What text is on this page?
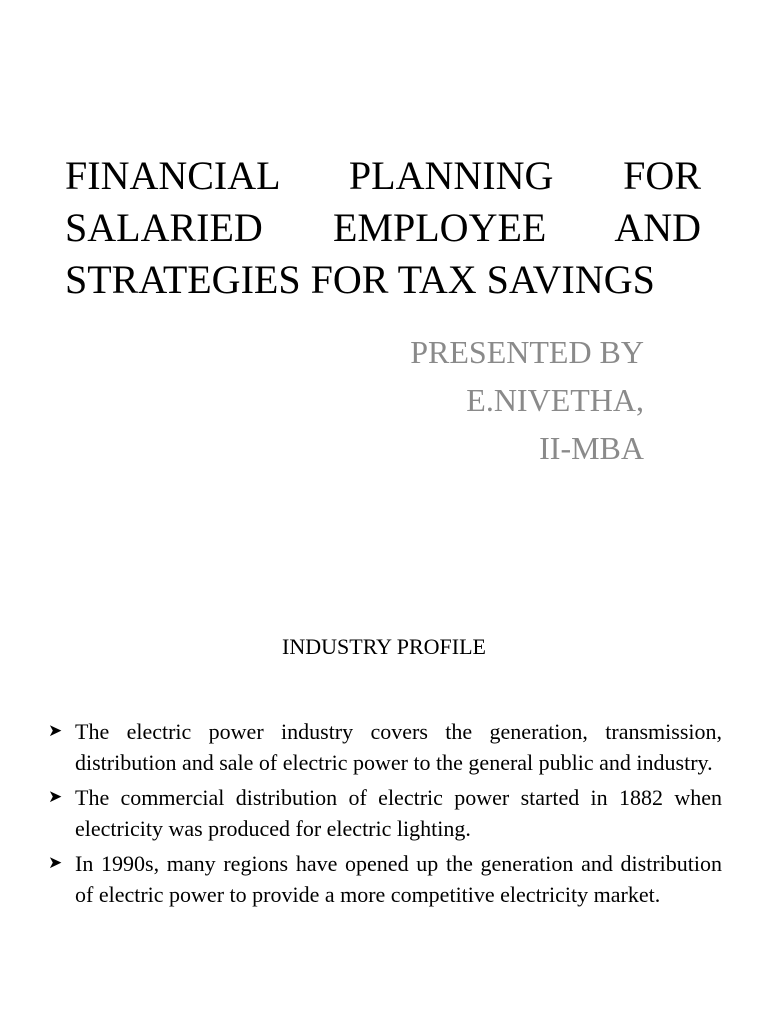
FINANCIAL PLANNING FOR SALARIED EMPLOYEE AND STRATEGIES FOR TAX SAVINGS
PRESENTED BY
E.NIVETHA,
II-MBA
INDUSTRY PROFILE
➤ The electric power industry covers the generation, transmission, distribution and sale of electric power to the general public and industry.
➤ The commercial distribution of electric power started in 1882 when electricity was produced for electric lighting.
➤ In 1990s, many regions have opened up the generation and distribution of electric power to provide a more competitive electricity market.
